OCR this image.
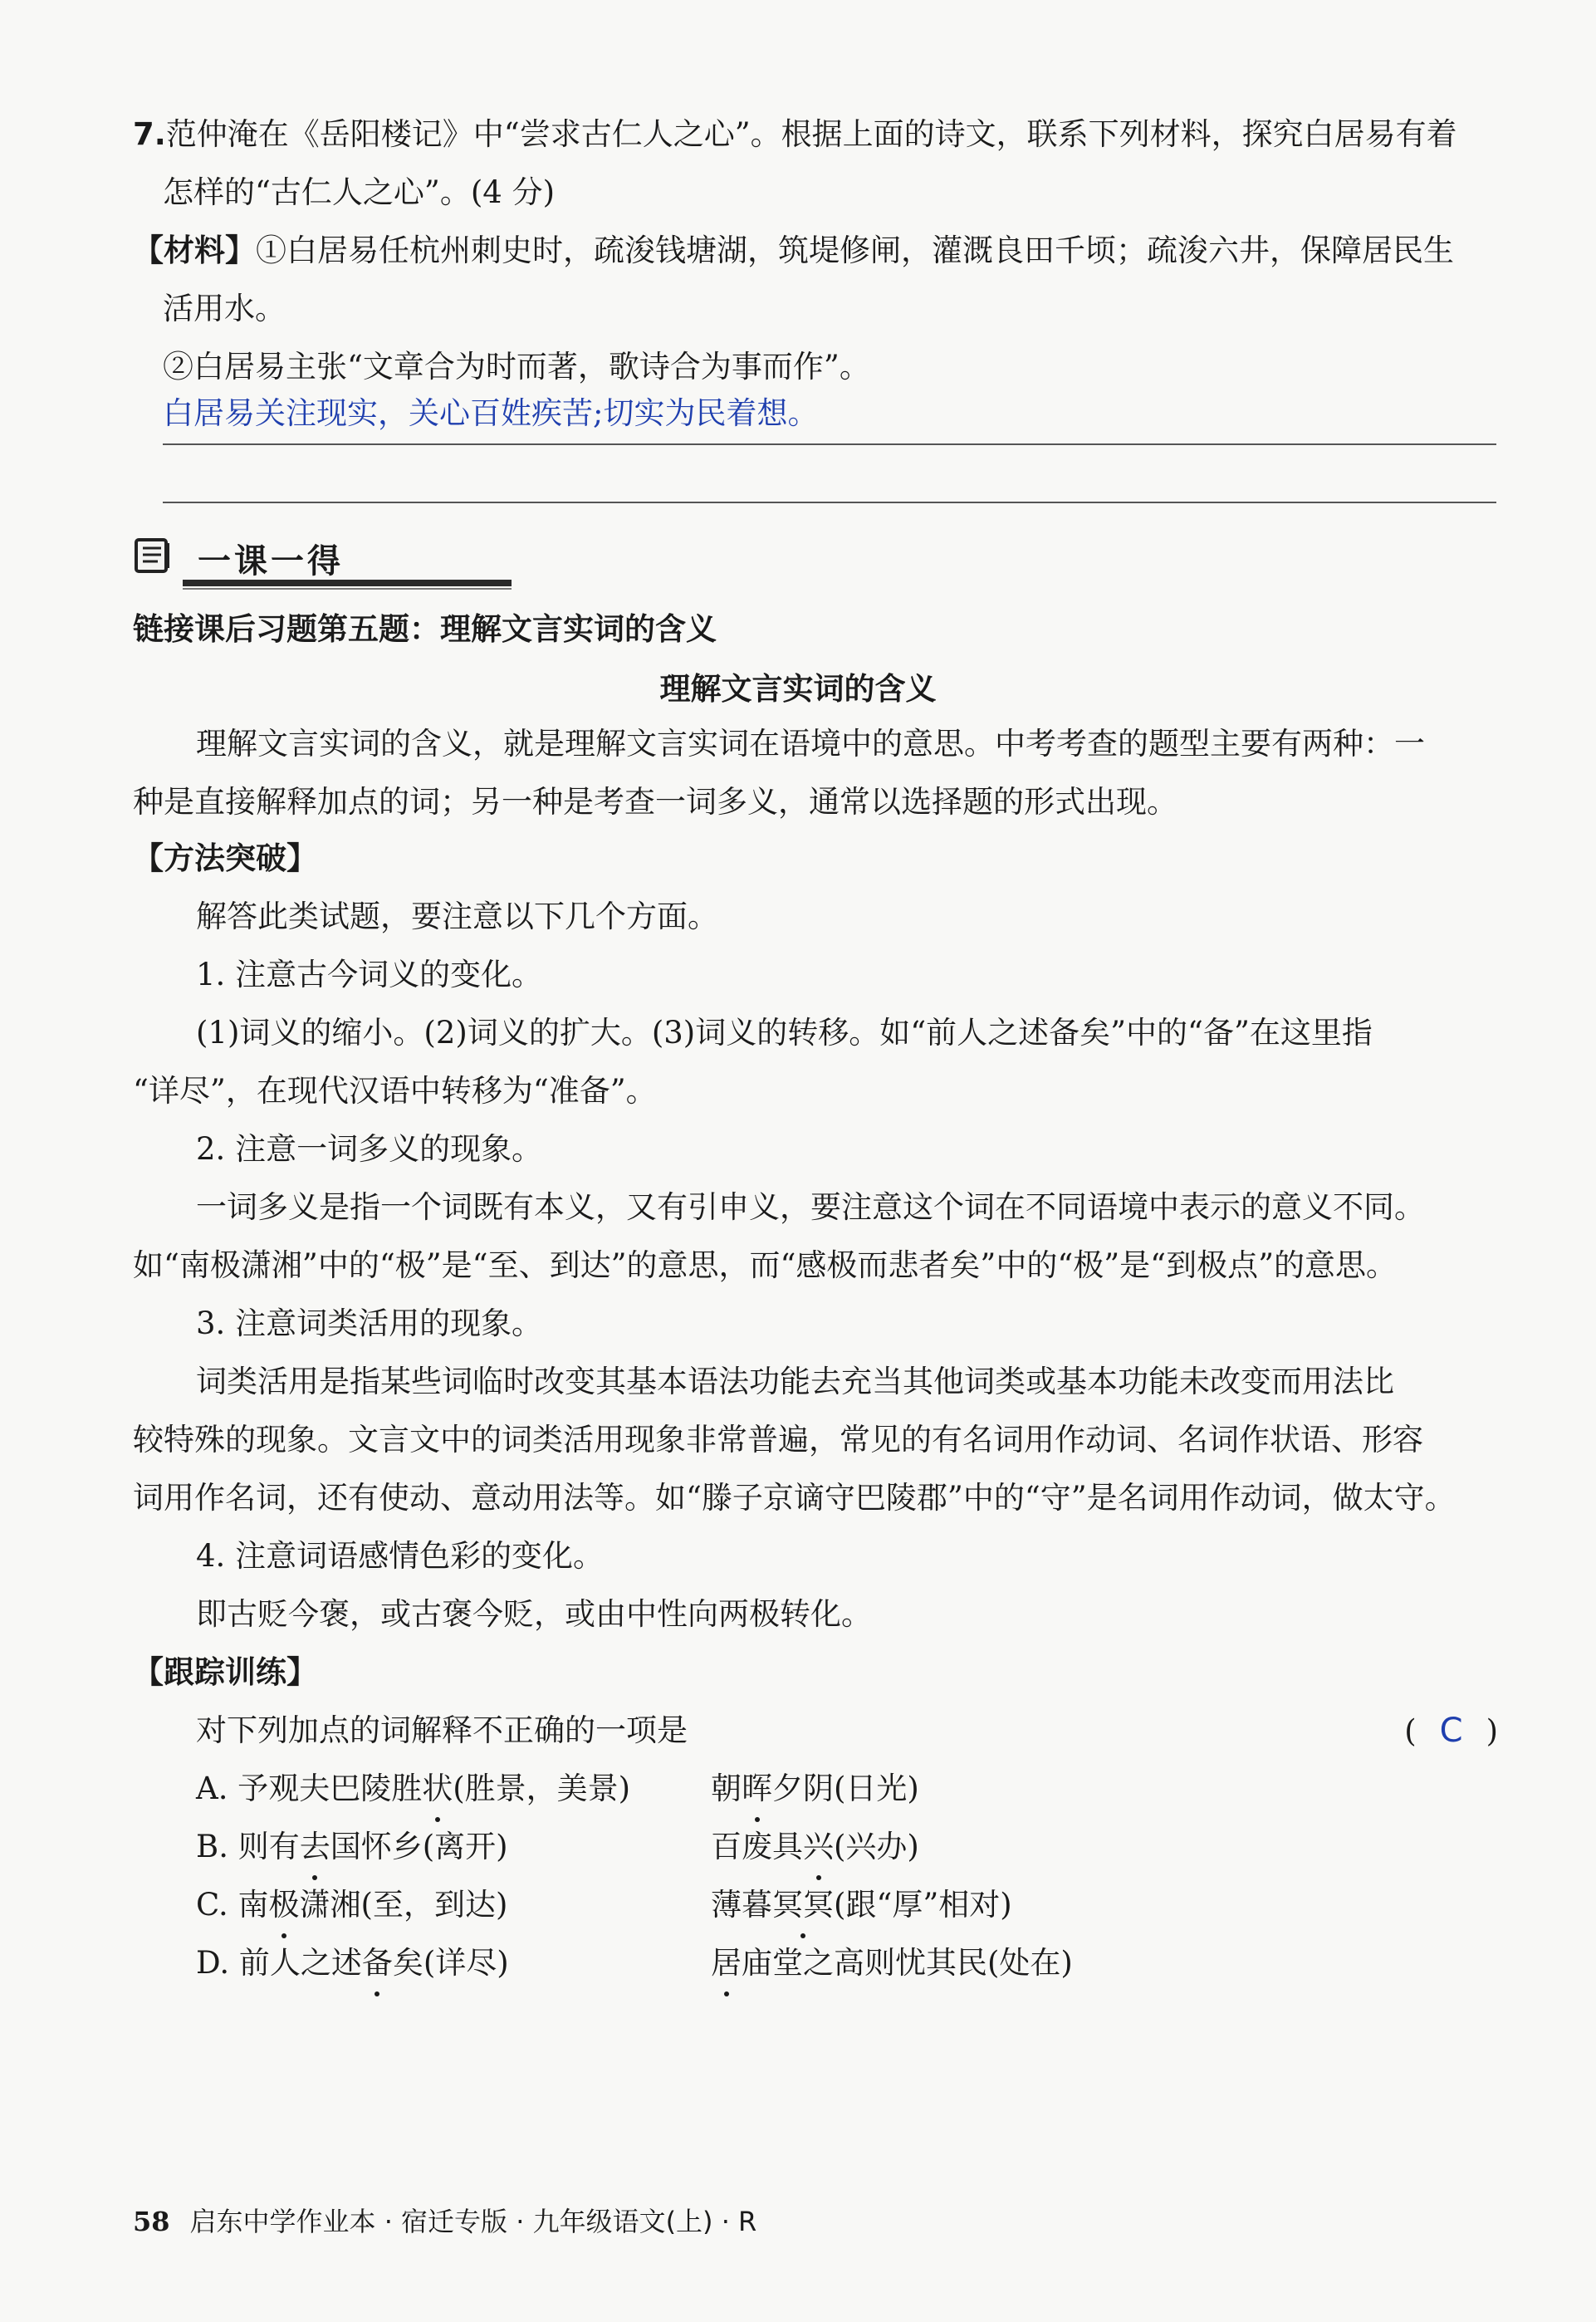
7.范仲淹在《岳阳楼记》中“尝求古仁人之心”。根据上面的诗文，联系下列材料，探究白居易有着
怎样的“古仁人之心”。(4 分)
【材料】①白居易任杭州刺史时，疏浚钱塘湖，筑堤修闸，灌溉良田千顷；疏浚六井，保障居民生
活用水。
②白居易主张“文章合为时而著，歌诗合为事而作”。
白居易关注现实，关心百姓疾苦;切实为民着想。
一课一得
链接课后习题第五题：理解文言实词的含义
理解文言实词的含义
理解文言实词的含义，就是理解文言实词在语境中的意思。中考考查的题型主要有两种：一
种是直接解释加点的词；另一种是考查一词多义，通常以选择题的形式出现。
【方法突破】
解答此类试题，要注意以下几个方面。
1. 注意古今词义的变化。
(1)词义的缩小。(2)词义的扩大。(3)词义的转移。如“前人之述备矣”中的“备”在这里指
“详尽”，在现代汉语中转移为“准备”。
2. 注意一词多义的现象。
一词多义是指一个词既有本义，又有引申义，要注意这个词在不同语境中表示的意义不同。
如“南极潇湘”中的“极”是“至、到达”的意思，而“感极而悲者矣”中的“极”是“到极点”的意思。
3. 注意词类活用的现象。
词类活用是指某些词临时改变其基本语法功能去充当其他词类或基本功能未改变而用法比
较特殊的现象。文言文中的词类活用现象非常普遍，常见的有名词用作动词、名词作状语、形容
词用作名词，还有使动、意动用法等。如“滕子京谪守巴陵郡”中的“守”是名词用作动词，做太守。
4. 注意词语感情色彩的变化。
即古贬今褒，或古褒今贬，或由中性向两极转化。
【跟踪训练】
对下列加点的词解释不正确的一项是	( C )
A. 予观夫巴陵胜状(胜景，美景)	朝晖夕阴(日光)
B. 则有去国怀乡(离开)	百废具兴(兴办)
C. 南极潇湘(至，到达)	薄暮冥冥(跟“厚”相对)
D. 前人之述备矣(详尽)	居庙堂之高则忧其民(处在)
58 启东中学作业本 · 宿迁专版 · 九年级语文(上) · R
